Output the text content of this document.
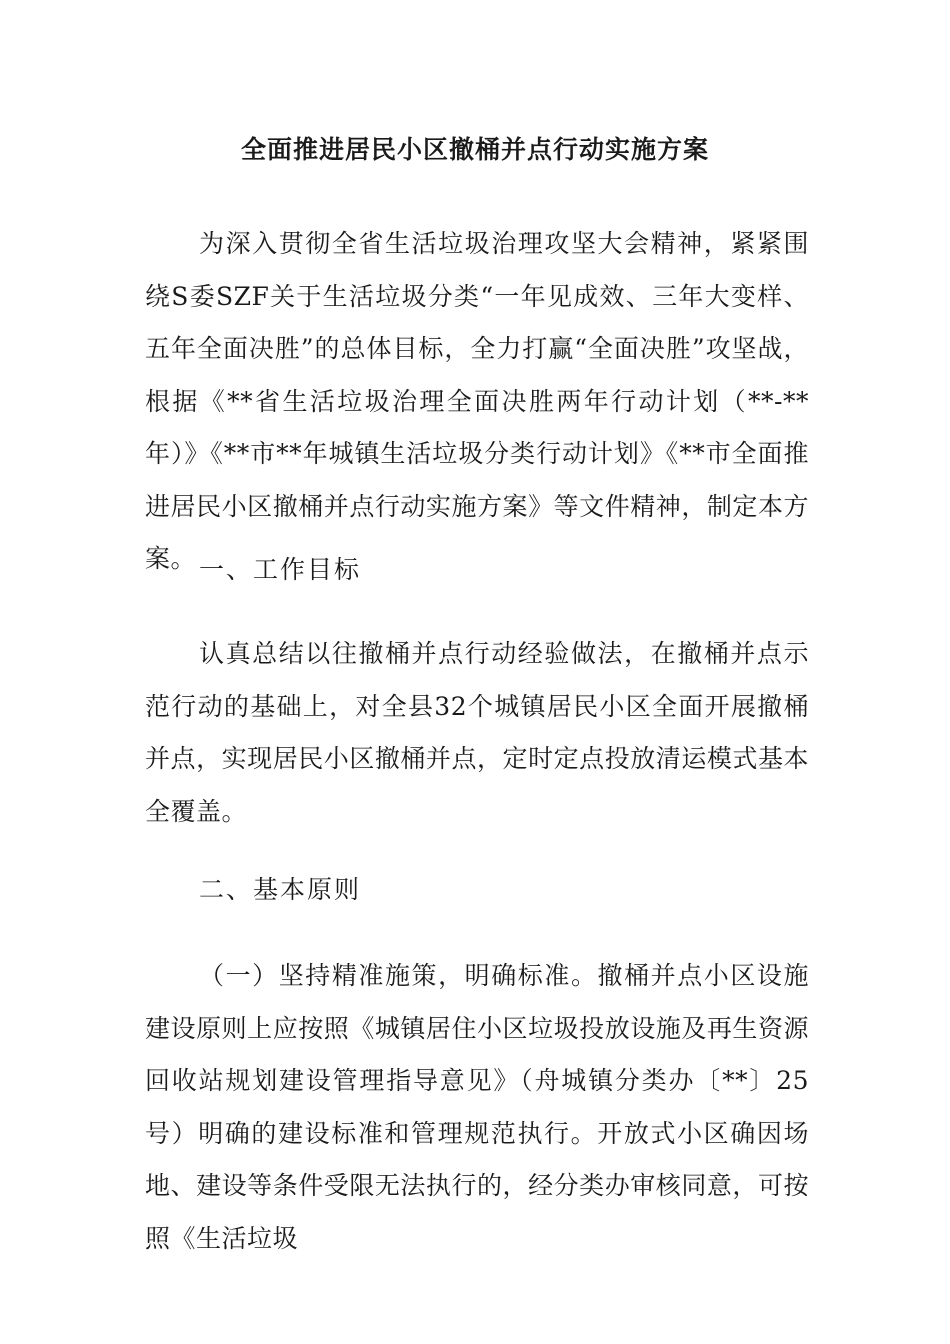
全面推进居民小区撤桶并点行动实施方案

为深入贯彻全省生活垃圾治理攻坚大会精神，紧紧围绕S委SZF关于生活垃圾分类“一年见成效、三年大变样、五年全面决胜”的总体目标，全力打赢“全面决胜”攻坚战，根据《**省生活垃圾治理全面决胜两年行动计划（**-**年）》《**市**年城镇生活垃圾分类行动计划》《**市全面推进居民小区撤桶并点行动实施方案》等文件精神，制定本方案。 一、工作目标

认真总结以往撤桶并点行动经验做法，在撤桶并点示范行动的基础上，对全县32个城镇居民小区全面开展撤桶并点，实现居民小区撤桶并点，定时定点投放清运模式基本全覆盖。

二、基本原则

（一）坚持精准施策，明确标准。撤桶并点小区设施建设原则上应按照《城镇居住小区垃圾投放设施及再生资源回收站规划建设管理指导意见》（舟城镇分类办〔**〕25号）明确的建设标准和管理规范执行。开放式小区确因场地、建设等条件受限无法执行的，经分类办审核同意，可按照《生活垃圾
